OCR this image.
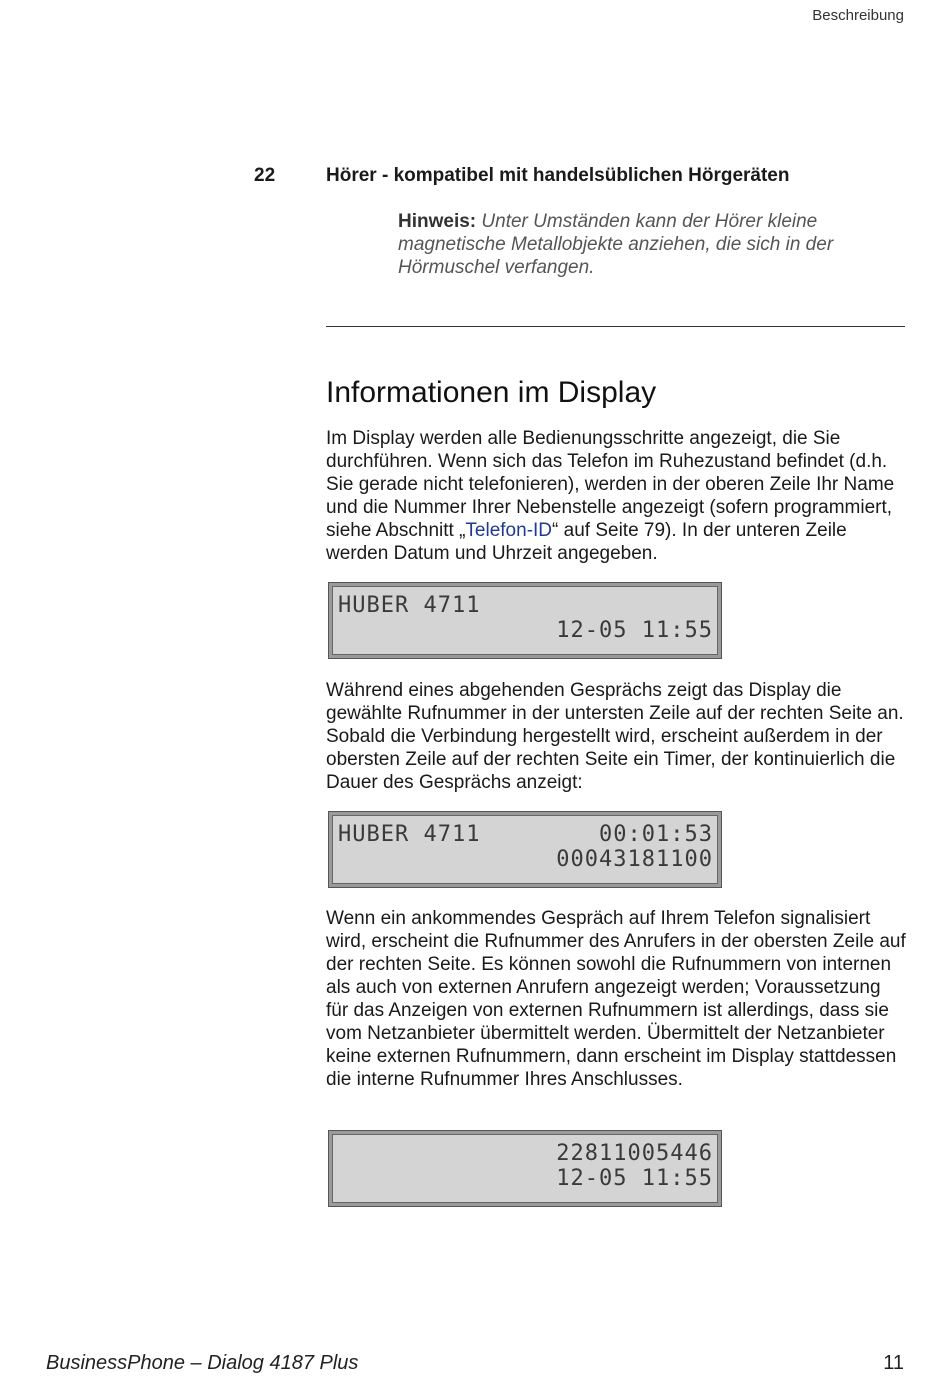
Beschreibung
22	Hörer - kompatibel mit handelsüblichen Hörgeräten
Hinweis: Unter Umständen kann der Hörer kleine magnetische Metallobjekte anziehen, die sich in der Hörmuschel verfangen.
Informationen im Display

Im Display werden alle Bedienungsschritte angezeigt, die Sie durchführen. Wenn sich das Telefon im Ruhezustand befindet (d.h. Sie gerade nicht telefonieren), werden in der oberen Zeile Ihr Name und die Nummer Ihrer Nebenstelle angezeigt (sofern programmiert, siehe Abschnitt „Telefon-ID“ auf Seite 79). In der unteren Zeile werden Datum und Uhrzeit angegeben.

HUBER 4711
12-05 11:55

Während eines abgehenden Gesprächs zeigt das Display die gewählte Rufnummer in der untersten Zeile auf der rechten Seite an. Sobald die Verbindung hergestellt wird, erscheint außerdem in der obersten Zeile auf der rechten Seite ein Timer, der kontinuierlich die Dauer des Gesprächs anzeigt:

HUBER 4711	00:01:53
00043181100

Wenn ein ankommendes Gespräch auf Ihrem Telefon signalisiert wird, erscheint die Rufnummer des Anrufers in der obersten Zeile auf der rechten Seite. Es können sowohl die Rufnummern von internen als auch von externen Anrufern angezeigt werden; Voraussetzung für das Anzeigen von externen Rufnummern ist allerdings, dass sie vom Netzanbieter übermittelt werden. Übermittelt der Netzanbieter keine externen Rufnummern, dann erscheint im Display stattdessen die interne Rufnummer Ihres Anschlusses.

22811005446
12-05 11:55
BusinessPhone – Dialog 4187 Plus	11
